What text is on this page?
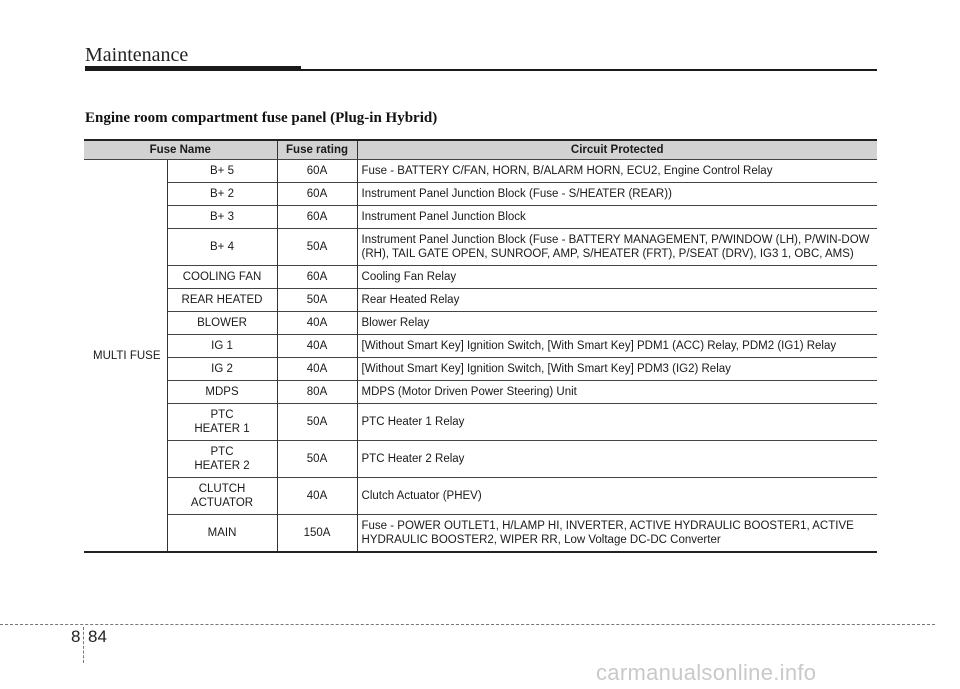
Maintenance
Engine room compartment fuse panel (Plug-in Hybrid)
Fuse Name		Fuse rating	Circuit Protected
MULTI FUSE	B+ 5	60A	Fuse - BATTERY C/FAN, HORN, B/ALARM HORN, ECU2, Engine Control Relay
	B+ 2	60A	Instrument Panel Junction Block (Fuse - S/HEATER (REAR))
	B+ 3	60A	Instrument Panel Junction Block
	B+ 4	50A	Instrument Panel Junction Block (Fuse - BATTERY MANAGEMENT, P/WINDOW (LH), P/WIN-DOW (RH), TAIL GATE OPEN, SUNROOF, AMP, S/HEATER (FRT), P/SEAT (DRV), IG3 1, OBC, AMS)
	COOLING FAN	60A	Cooling Fan Relay
	REAR HEATED	50A	Rear Heated Relay
	BLOWER	40A	Blower Relay
	IG 1	40A	[Without Smart Key] Ignition Switch, [With Smart Key] PDM1 (ACC) Relay, PDM2 (IG1) Relay
	IG 2	40A	[Without Smart Key] Ignition Switch, [With Smart Key] PDM3 (IG2) Relay
	MDPS	80A	MDPS (Motor Driven Power Steering) Unit
	PTC
HEATER 1	50A	PTC Heater 1 Relay
	PTC
HEATER 2	50A	PTC Heater 2 Relay
	CLUTCH
ACTUATOR	40A	Clutch Actuator (PHEV)
	MAIN	150A	Fuse - POWER OUTLET1, H/LAMP HI, INVERTER, ACTIVE HYDRAULIC BOOSTER1, ACTIVE HYDRAULIC BOOSTER2, WIPER RR, Low Voltage DC-DC Converter
8 84
carmanualsonline.info
